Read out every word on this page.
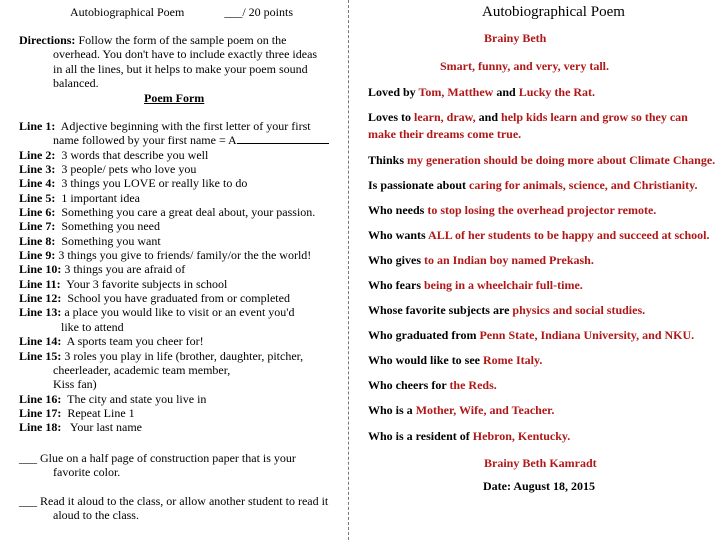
Autobiographical Poem	___/ 20 points
Directions: Follow the form of the sample poem on the
overhead. You don't have to include exactly three ideas
in all the lines, but it helps to make your poem sound
balanced.
Poem Form
Line 1:  Adjective beginning with the first letter of your first
name followed by your first name = A
Line 2:  3 words that describe you well
Line 3:  3 people/ pets who love you
Line 4:  3 things you LOVE or really like to do
Line 5:  1 important idea
Line 6:  Something you care a great deal about, your passion.
Line 7:  Something you need
Line 8:  Something you want
Line 9: 3 things you give to friends/ family/or the the world!
Line 10: 3 things you are afraid of
Line 11:  Your 3 favorite subjects in school
Line 12:  School you have graduated from or completed
Line 13: a place you would like to visit or an event you'd
like to attend
Line 14:  A sports team you cheer for!
Line 15: 3 roles you play in life (brother, daughter, pitcher,
cheerleader, academic team member,
Kiss fan)
Line 16:  The city and state you live in
Line 17:  Repeat Line 1
Line 18:   Your last name
___ Glue on a half page of construction paper that is your
favorite color.
___ Read it aloud to the class, or allow another student to read it
aloud to the class.
Autobiographical Poem
Brainy Beth
Smart, funny, and very, very tall.
Loved by Tom, Matthew and Lucky the Rat.
Loves to learn, draw, and help kids learn and grow so they can
make their dreams come true.
Thinks my generation should be doing more about Climate Change.
Is passionate about caring for animals, science, and Christianity.
Who needs to stop losing the overhead projector remote.
Who wants ALL of her students to be happy and succeed at school.
Who gives to an Indian boy named Prekash.
Who fears being in a wheelchair full-time.
Whose favorite subjects are physics and social studies.
Who graduated from Penn State, Indiana University, and NKU.
Who would like to see Rome Italy.
Who cheers for the Reds.
Who is a Mother, Wife, and Teacher.
Who is a resident of Hebron, Kentucky.
Brainy Beth Kamradt
Date: August 18, 2015
